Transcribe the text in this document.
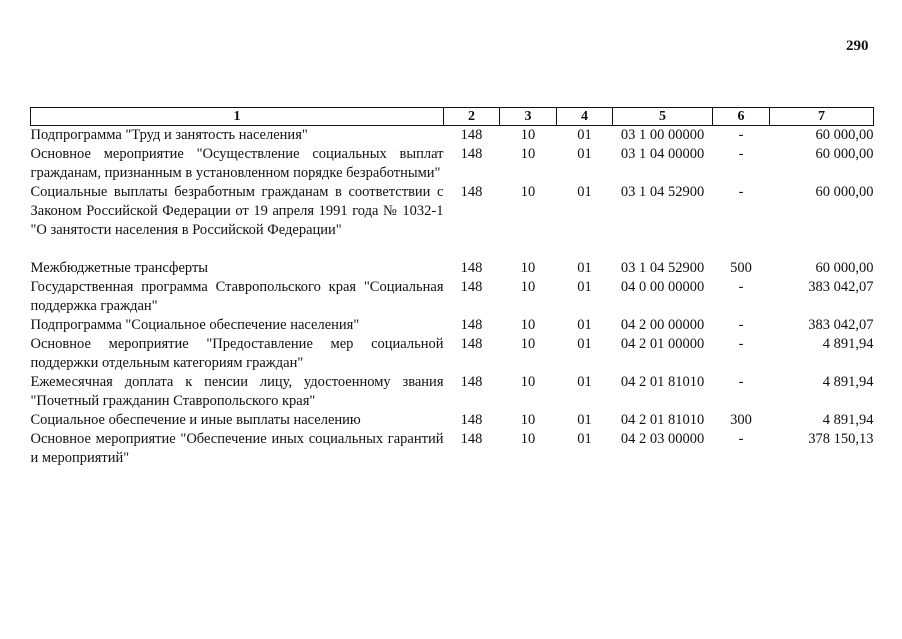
290
1	2	3	4	5	6	7
Подпрограмма "Труд и занятость населения"	148	10	01	03 1 00 00000	-	60 000,00
Основное мероприятие "Осуществление социальных выплат гражданам, признанным в установленном порядке безработными"	148	10	01	03 1 04 00000	-	60 000,00
Социальные выплаты безработным гражданам в соответствии с Законом Российской Федерации от 19 апреля 1991 года № 1032-1 "О занятости населения в Российской Федерации"	148	10	01	03 1 04 52900	-	60 000,00
Межбюджетные трансферты	148	10	01	03 1 04 52900	500	60 000,00
Государственная программа Ставропольского края "Социальная поддержка граждан"	148	10	01	04 0 00 00000	-	383 042,07
Подпрограмма "Социальное обеспечение населения"	148	10	01	04 2 00 00000	-	383 042,07
Основное мероприятие "Предоставление мер социальной поддержки отдельным категориям граждан"	148	10	01	04 2 01 00000	-	4 891,94
Ежемесячная доплата к пенсии лицу, удостоенному звания "Почетный гражданин Ставропольского края"	148	10	01	04 2 01 81010	-	4 891,94
Социальное обеспечение и иные выплаты населению	148	10	01	04 2 01 81010	300	4 891,94
Основное мероприятие "Обеспечение иных социальных гарантий и мероприятий"	148	10	01	04 2 03 00000	-	378 150,13
